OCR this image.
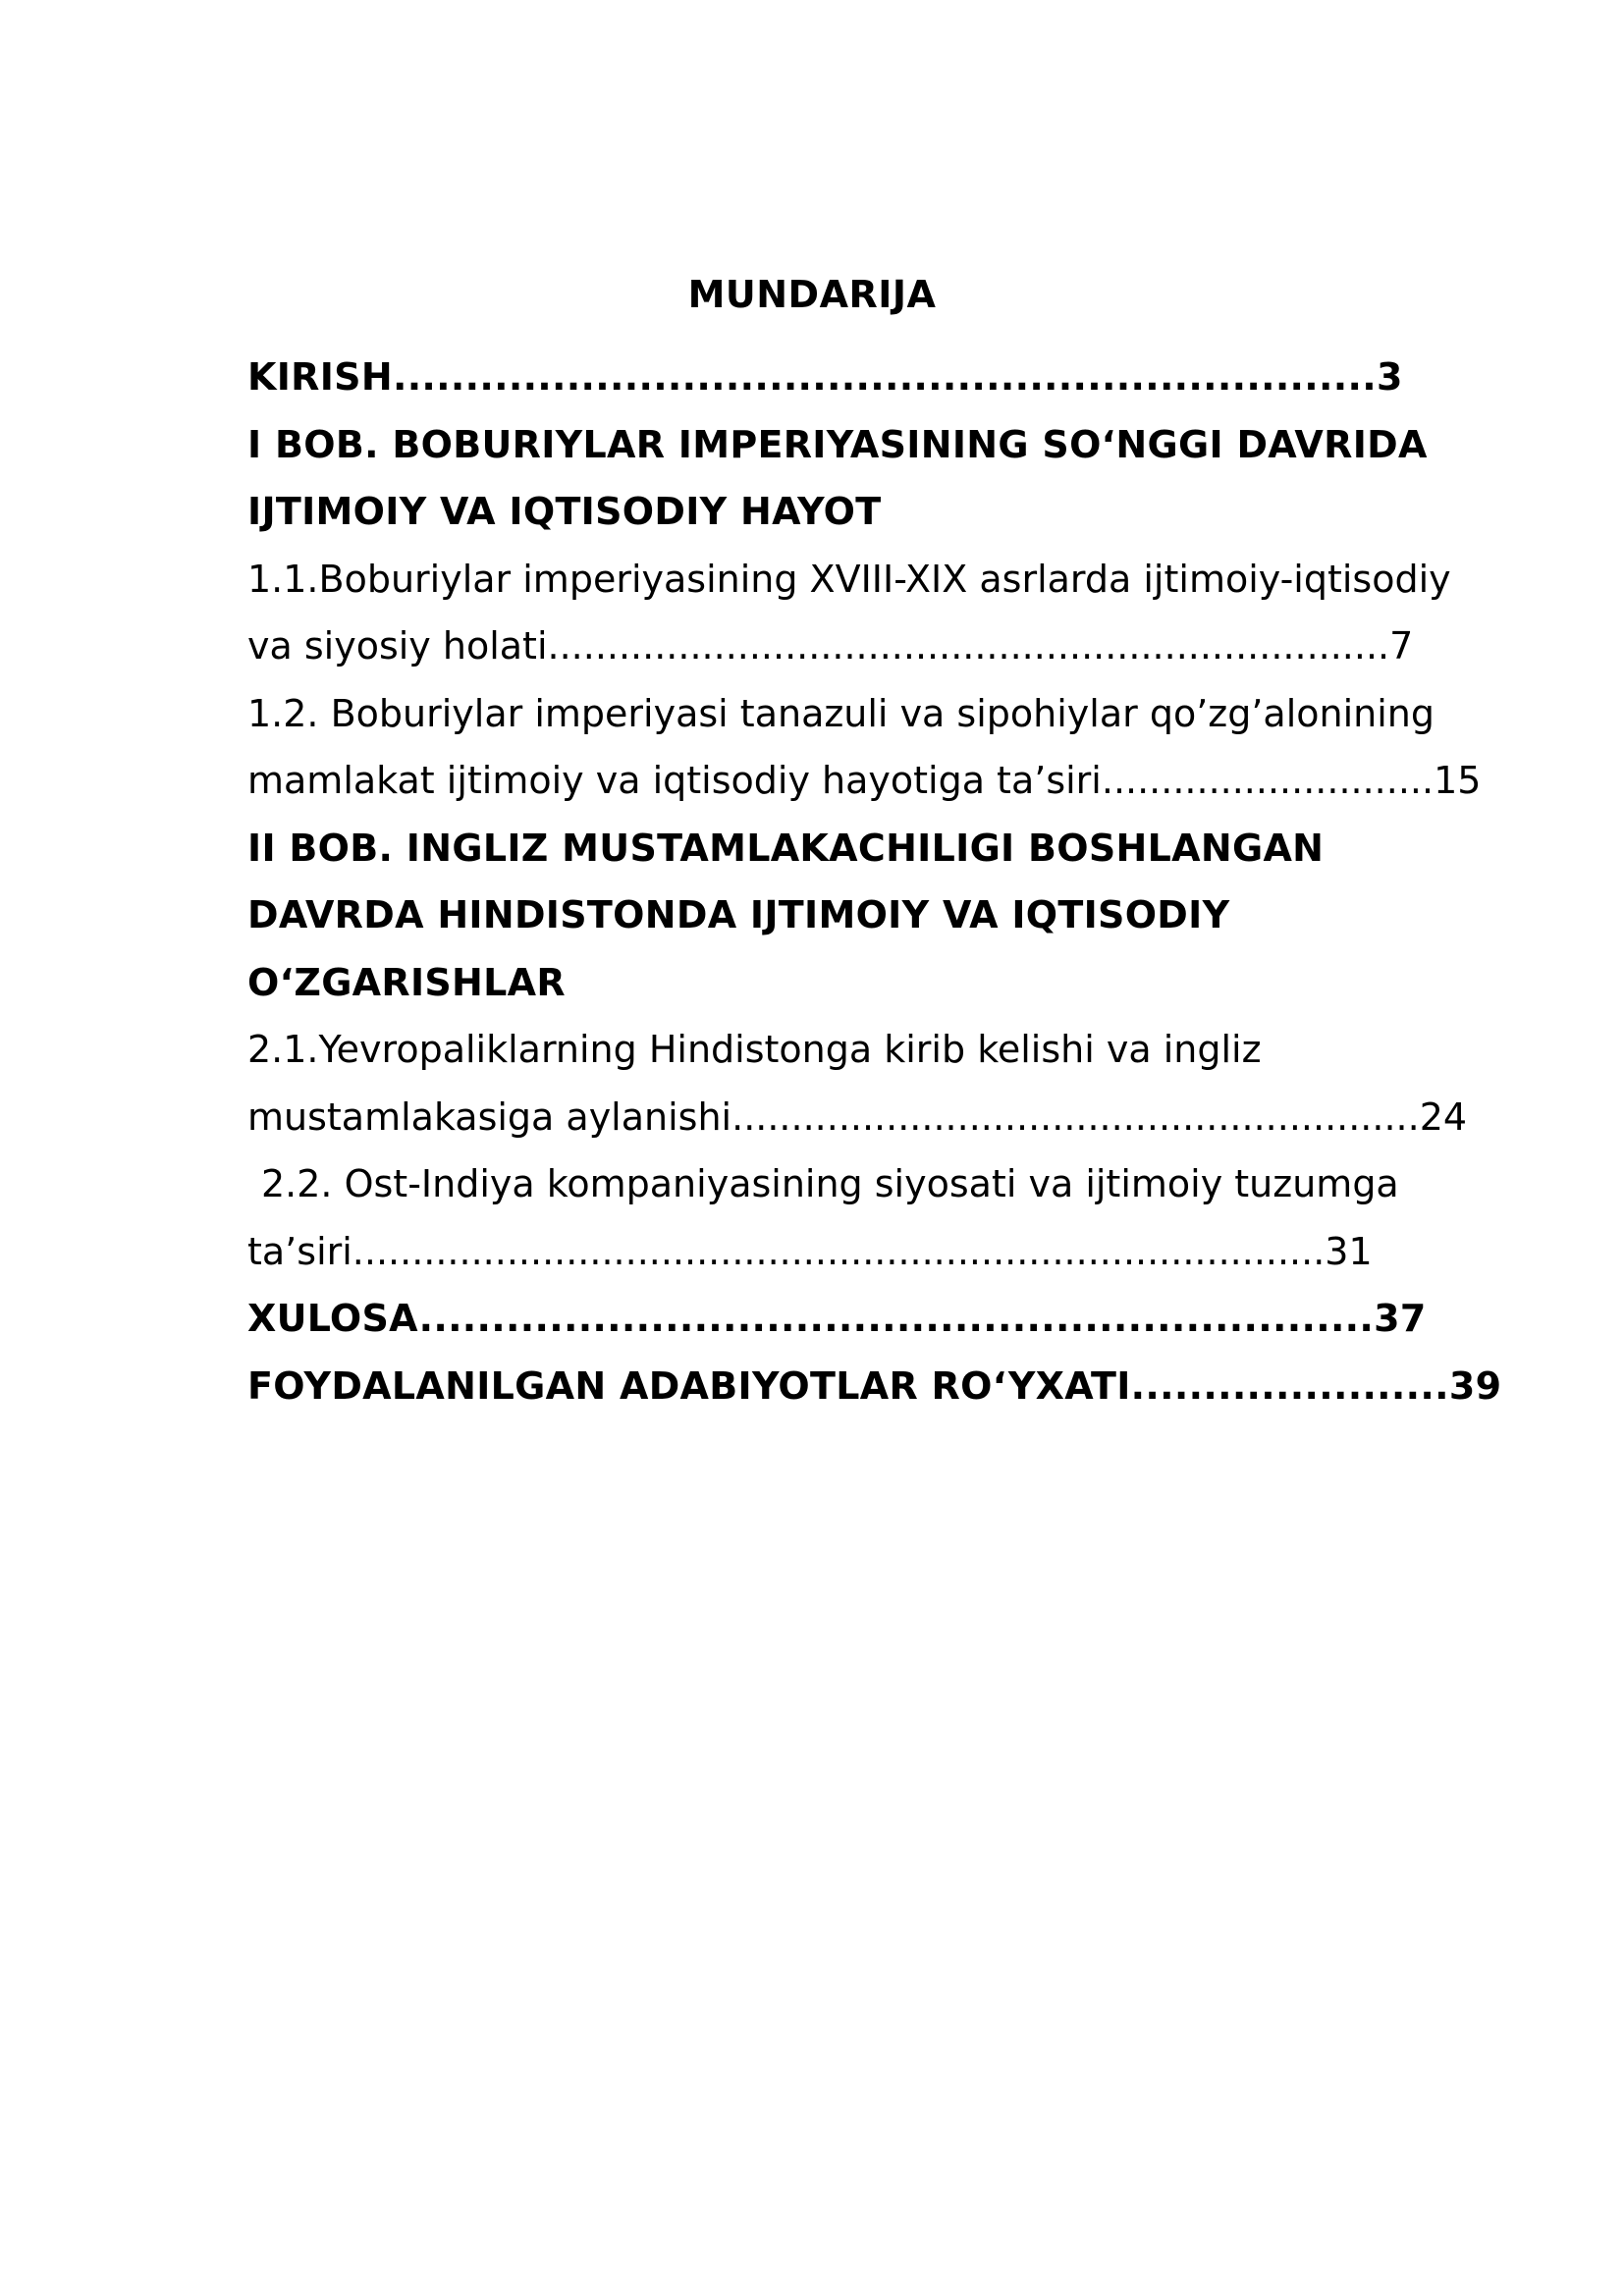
MUNDARIJA
KIRISH....................................................................3
I BOB. BOBURIYLAR IMPERIYASINING SO‘NGGI DAVRIDA
IJTIMOIY VA IQTISODIY HAYOT
1.1.Boburiylar imperiyasining XVIII-XIX asrlarda ijtimoiy-iqtisodiy
va siyosiy holati.......................................................................7
1.2. Boburiylar imperiyasi tanazuli va sipohiylar qo’zg’alonining
mamlakat ijtimoiy va iqtisodiy hayotiga ta’siri............................15
II BOB. INGLIZ MUSTAMLAKACHILIGI BOSHLANGAN
DAVRDA HINDISTONDA IJTIMOIY VA IQTISODIY
O‘ZGARISHLAR
2.1.Yevropaliklarning Hindistonga kirib kelishi va ingliz
mustamlakasiga aylanishi..........................................................24
2.2. Ost-Indiya kompaniyasining siyosati va ijtimoiy tuzumga
ta’siri..................................................................................31
XULOSA..................................................................37
FOYDALANILGAN ADABIYOTLAR RO‘YXATI......................39
